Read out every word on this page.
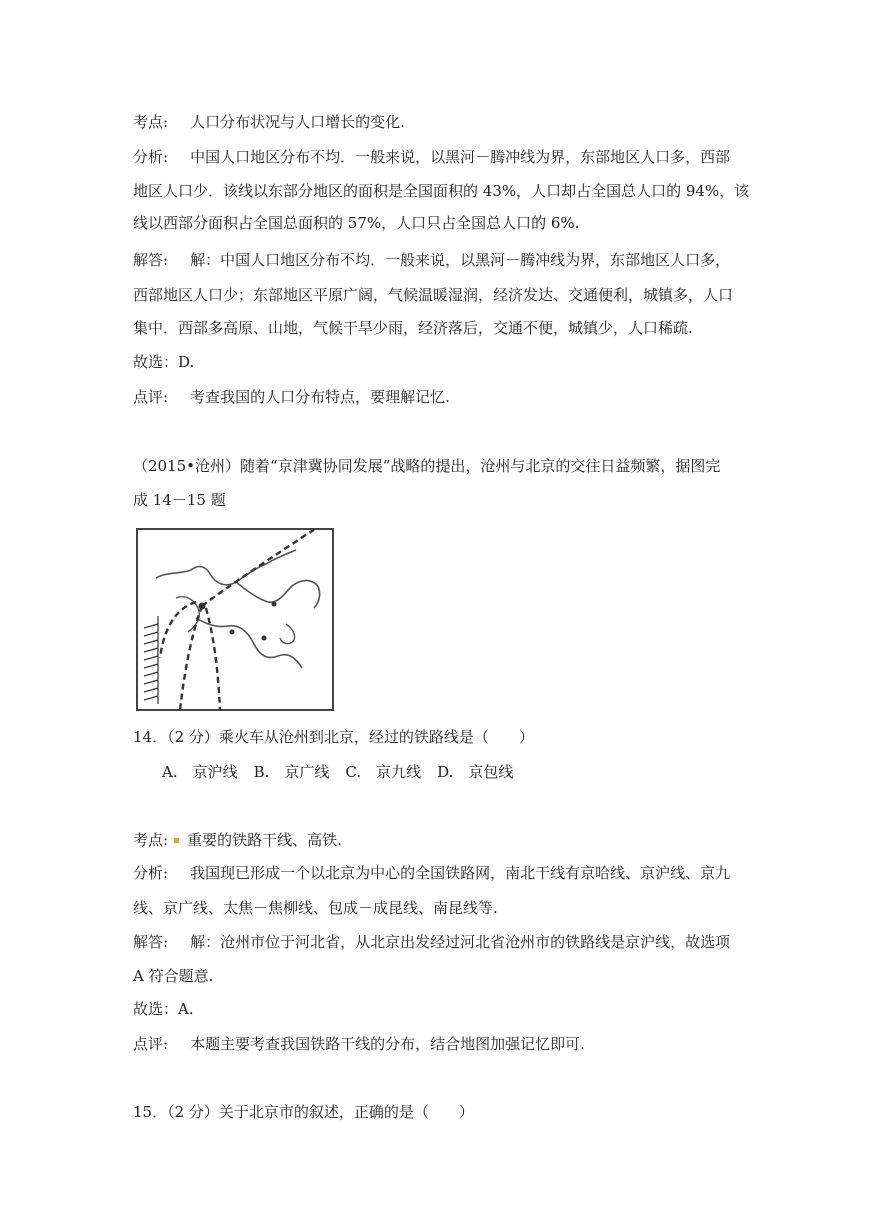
考点: 人口分布状况与人口增长的变化.
分析: 中国人口地区分布不均．一般来说，以黑河－腾冲线为界，东部地区人口多，西部
地区人口少．该线以东部分地区的面积是全国面积的 43%，人口却占全国总人口的 94%，该
线以西部分面积占全国总面积的 57%，人口只占全国总人口的 6%.
解答: 解：中国人口地区分布不均．一般来说，以黑河－腾冲线为界，东部地区人口多，
西部地区人口少；东部地区平原广阔，气候温暖湿润，经济发达、交通便利，城镇多，人口
集中．西部多高原、山地，气候干旱少雨，经济落后，交通不便，城镇少，人口稀疏.
故选：D.
点评: 考查我国的人口分布特点，要理解记忆.
（2015•沧州）随着“京津冀协同发展”战略的提出，沧州与北京的交往日益频繁，据图完
成 14－15 题
14．（2 分）乘火车从沧州到北京，经过的铁路线是（　　）
A.　京沪线 B.　京广线 C.　京九线 D.　京包线
考点: 重要的铁路干线、高铁.
分析: 我国现已形成一个以北京为中心的全国铁路网，南北干线有京哈线、京沪线、京九
线、京广线、太焦－焦柳线、包成－成昆线、南昆线等.
解答: 解：沧州市位于河北省，从北京出发经过河北省沧州市的铁路线是京沪线，故选项
A 符合题意.
故选：A.
点评: 本题主要考查我国铁路干线的分布，结合地图加强记忆即可.
15．（2 分）关于北京市的叙述，正确的是（　　）
